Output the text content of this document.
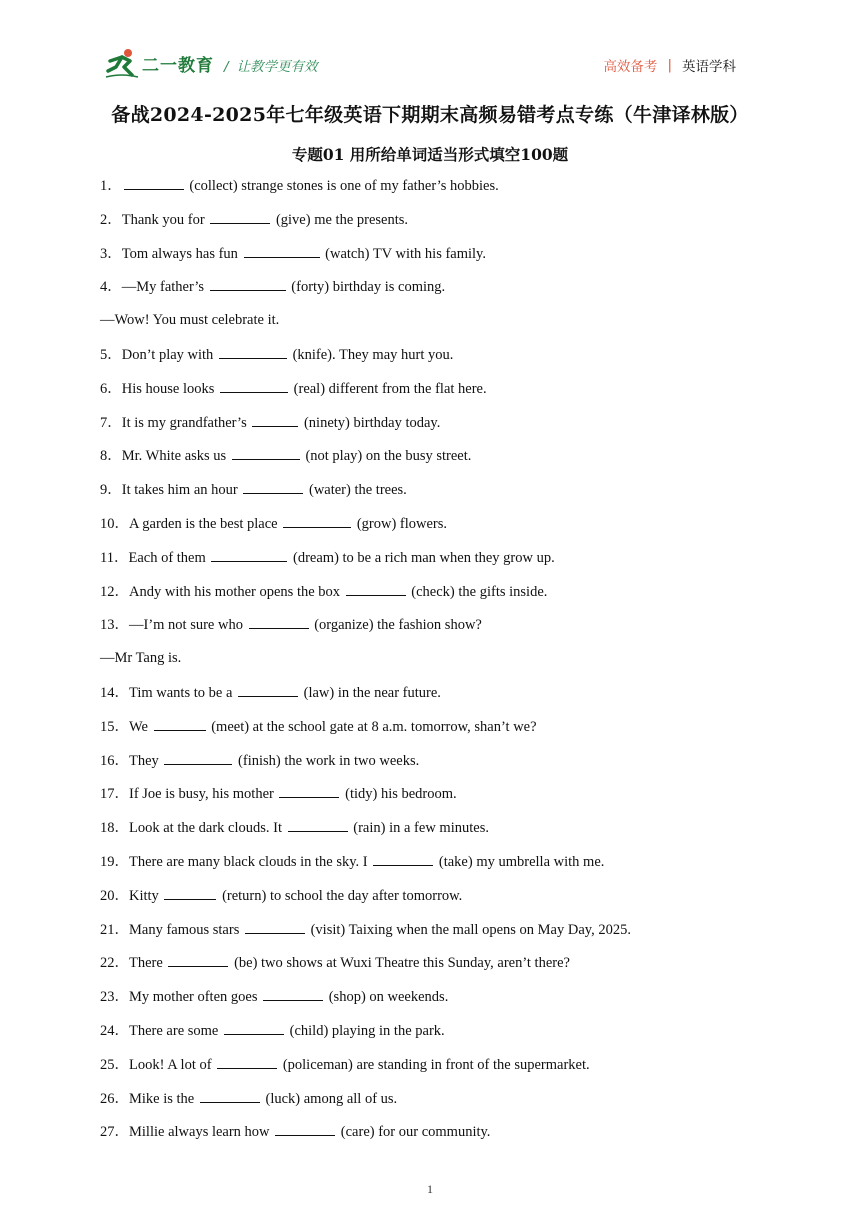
二一教育 / 让教学更有效	高效备考 | 英语学科
备战2024-2025年七年级英语下期期末高频易错考点专练（牛津译林版）
专题01 用所给单词适当形式填空100题
1．	(collect) strange stones is one of my father’s hobbies.
2．Thank you for	(give) me the presents.
3．Tom always has fun	(watch) TV with his family.
4．—My father’s	(forty) birthday is coming.
—Wow! You must celebrate it.
5．Don’t play with	(knife). They may hurt you.
6．His house looks	(real) different from the flat here.
7．It is my grandfather’s	(ninety) birthday today.
8．Mr. White asks us	(not play) on the busy street.
9．It takes him an hour	(water) the trees.
10．A garden is the best place	(grow) flowers.
11．Each of them	(dream) to be a rich man when they grow up.
12．Andy with his mother opens the box	(check) the gifts inside.
13．—I’m not sure who	(organize) the fashion show?
—Mr Tang is.
14．Tim wants to be a	(law) in the near future.
15．We	(meet) at the school gate at 8 a.m. tomorrow, shan’t we?
16．They	(finish) the work in two weeks.
17．If Joe is busy, his mother	(tidy) his bedroom.
18．Look at the dark clouds. It	(rain) in a few minutes.
19．There are many black clouds in the sky. I	(take) my umbrella with me.
20．Kitty	(return) to school the day after tomorrow.
21．Many famous stars	(visit) Taixing when the mall opens on May Day, 2025.
22．There	(be) two shows at Wuxi Theatre this Sunday, aren’t there?
23．My mother often goes	(shop) on weekends.
24．There are some	(child) playing in the park.
25．Look! A lot of	(policeman) are standing in front of the supermarket.
26．Mike is the	(luck) among all of us.
27．Millie always learn how	(care) for our community.
1
